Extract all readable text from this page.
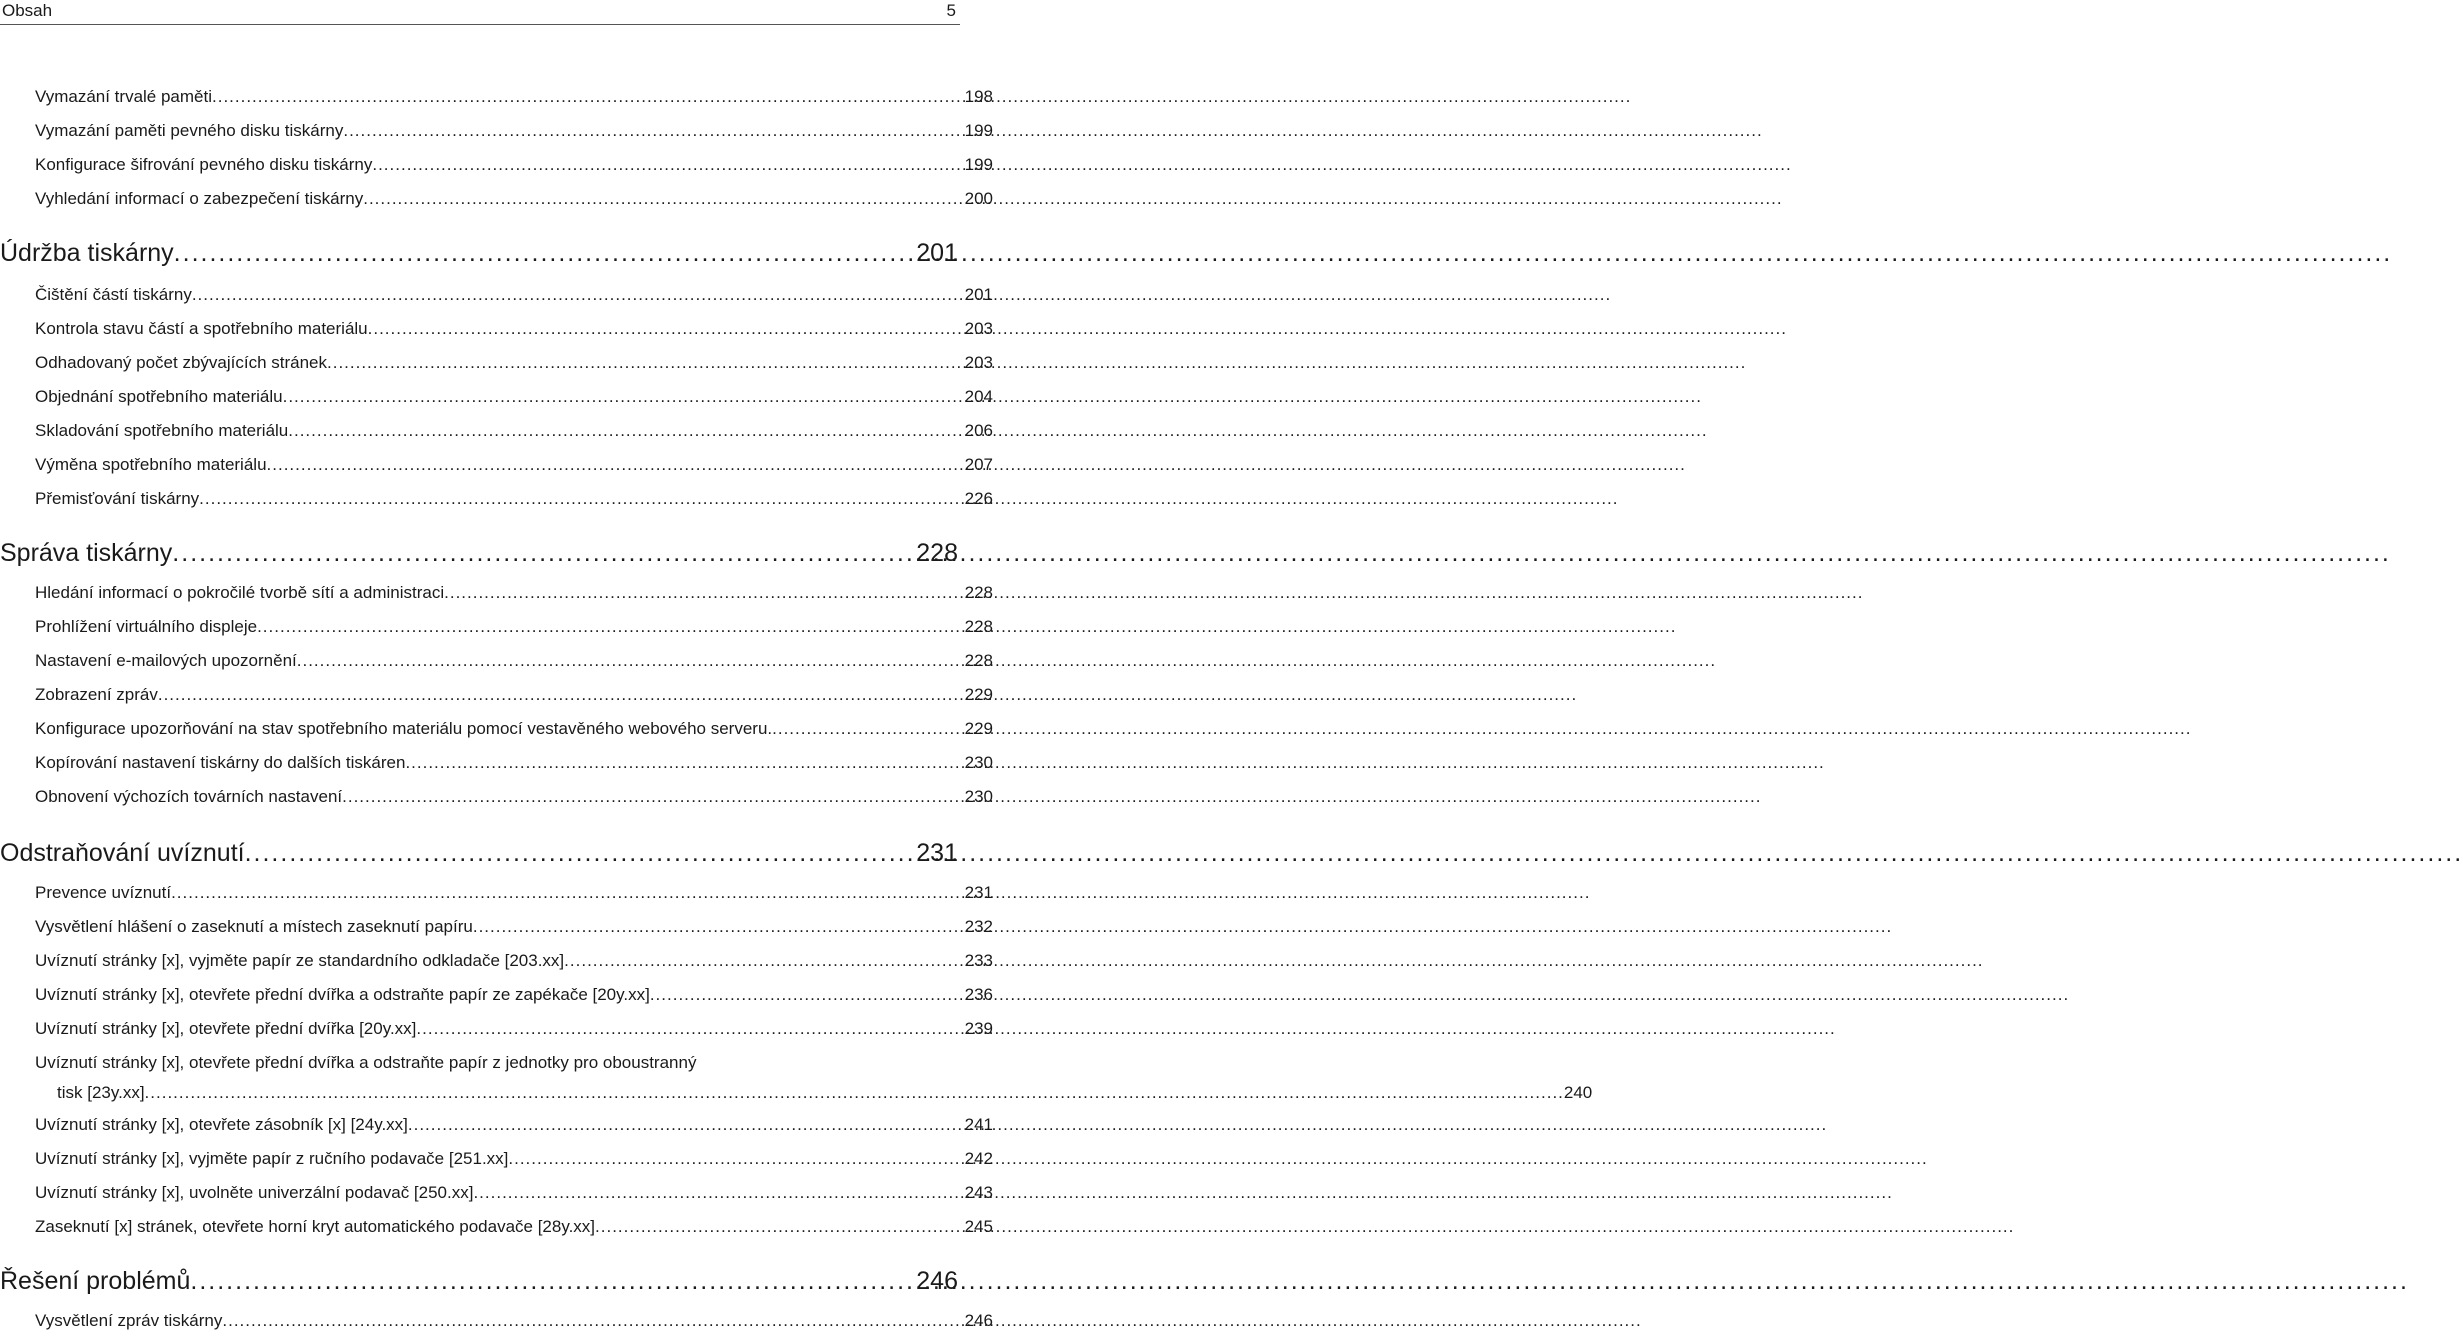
Obsah	5
Vymazání trvalé paměti .....	198
Vymazání paměti pevného disku tiskárny .....	199
Konfigurace šifrování pevného disku tiskárny .....	199
Vyhledání informací o zabezpečení tiskárny .....	200
Údržba tiskárny .....	201
Čištění částí tiskárny .....	201
Kontrola stavu částí a spotřebního materiálu .....	203
Odhadovaný počet zbývajících stránek .....	203
Objednání spotřebního materiálu .....	204
Skladování spotřebního materiálu .....	206
Výměna spotřebního materiálu .....	207
Přemisťování tiskárny .....	226
Správa tiskárny .....	228
Hledání informací o pokročilé tvorbě sítí a administraci .....	228
Prohlížení virtuálního displeje .....	228
Nastavení e-mailových upozornění .....	228
Zobrazení zpráv .....	229
Konfigurace upozorňování na stav spotřebního materiálu pomocí vestavěného webového serveru. .....	229
Kopírování nastavení tiskárny do dalších tiskáren .....	230
Obnovení výchozích továrních nastavení .....	230
Odstraňování uvíznutí .....	231
Prevence uvíznutí .....	231
Vysvětlení hlášení o zaseknutí a místech zaseknutí papíru .....	232
Uvíznutí stránky [x], vyjměte papír ze standardního odkladače [203.xx] .....	233
Uvíznutí stránky [x], otevřete přední dvířka a odstraňte papír ze zapékače [20y.xx] .....	236
Uvíznutí stránky [x], otevřete přední dvířka [20y.xx] .....	239
Uvíznutí stránky [x], otevřete přední dvířka a odstraňte papír z jednotky pro oboustranný
tisk [23y.xx] .....	240
Uvíznutí stránky [x], otevřete zásobník [x] [24y.xx] .....	241
Uvíznutí stránky [x], vyjměte papír z ručního podavače [251.xx] .....	242
Uvíznutí stránky [x], uvolněte univerzální podavač [250.xx] .....	243
Zaseknutí [x] stránek, otevřete horní kryt automatického podavače [28y.xx] .....	245
Řešení problémů .....	246
Vysvětlení zpráv tiskárny .....	246
